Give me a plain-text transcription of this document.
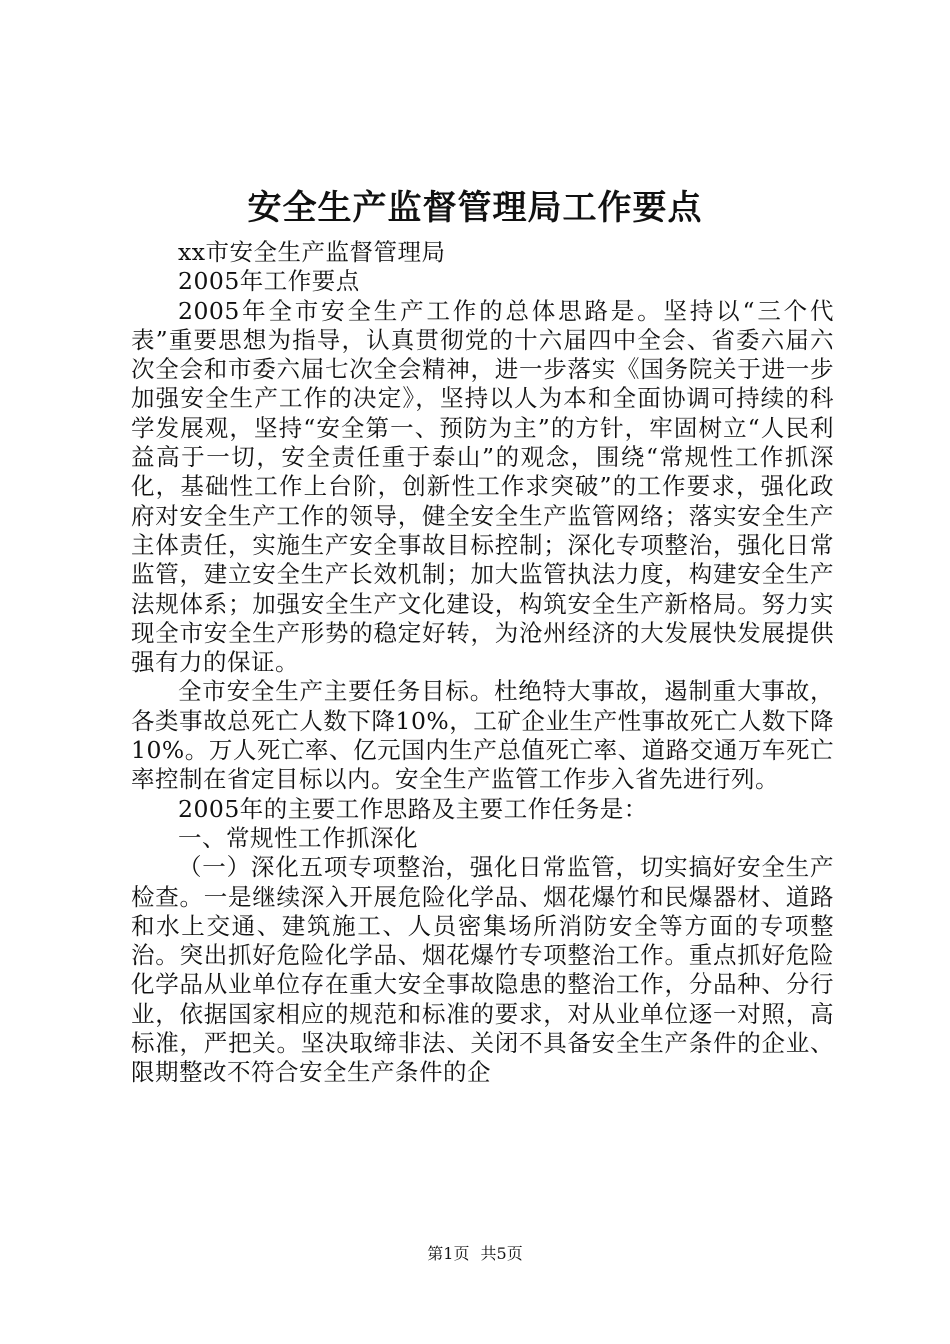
安全生产监督管理局工作要点

xx市安全生产监督管理局

2005年工作要点

2005年全市安全生产工作的总体思路是。坚持以“三个代表”重要思想为指导，认真贯彻党的十六届四中全会、省委六届六次全会和市委六届七次全会精神，进一步落实《国务院关于进一步加强安全生产工作的决定》，坚持以人为本和全面协调可持续的科学发展观，坚持“安全第一、预防为主”的方针，牢固树立“人民利益高于一切，安全责任重于泰山”的观念，围绕“常规性工作抓深化，基础性工作上台阶，创新性工作求突破”的工作要求，强化政府对安全生产工作的领导，健全安全生产监管网络；落实安全生产主体责任，实施生产安全事故目标控制；深化专项整治，强化日常监管，建立安全生产长效机制；加大监管执法力度，构建安全生产法规体系；加强安全生产文化建设，构筑安全生产新格局。努力实现全市安全生产形势的稳定好转，为沧州经济的大发展快发展提供强有力的保证。

全市安全生产主要任务目标。杜绝特大事故，遏制重大事故，各类事故总死亡人数下降10%，工矿企业生产性事故死亡人数下降10%。万人死亡率、亿元国内生产总值死亡率、道路交通万车死亡率控制在省定目标以内。安全生产监管工作步入省先进行列。

2005年的主要工作思路及主要工作任务是：

一、常规性工作抓深化

（一）深化五项专项整治，强化日常监管，切实搞好安全生产检查。一是继续深入开展危险化学品、烟花爆竹和民爆器材、道路和水上交通、建筑施工、人员密集场所消防安全等方面的专项整治。突出抓好危险化学品、烟花爆竹专项整治工作。重点抓好危险化学品从业单位存在重大安全事故隐患的整治工作，分品种、分行业，依据国家相应的规范和标准的要求，对从业单位逐一对照，高标准，严把关。坚决取缔非法、关闭不具备安全生产条件的企业、限期整改不符合安全生产条件的企

第1页 共5页
